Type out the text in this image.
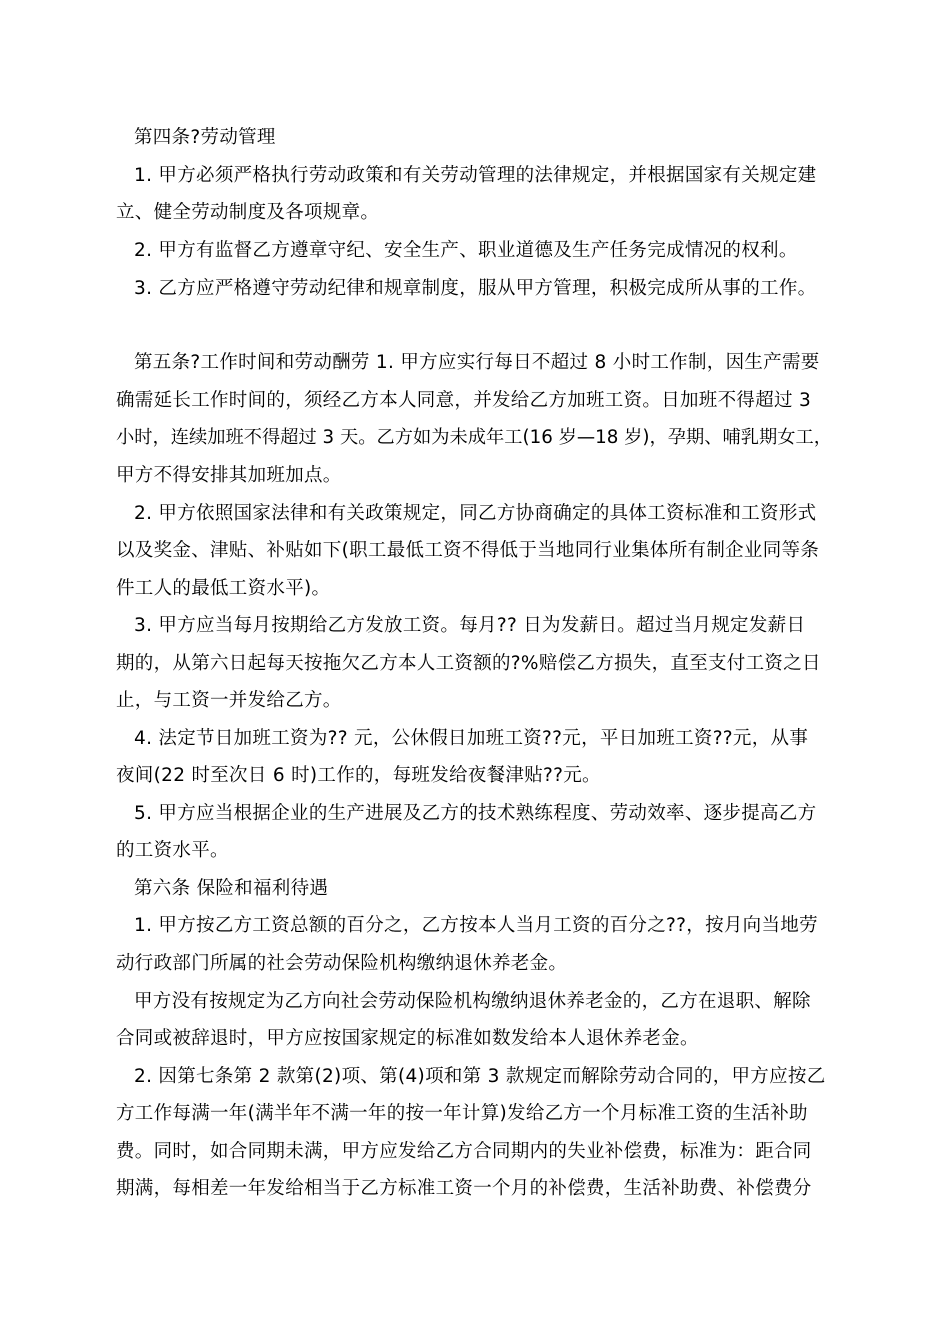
第四条?劳动管理
1. 甲方必须严格执行劳动政策和有关劳动管理的法律规定，并根据国家有关规定建
立、健全劳动制度及各项规章。
2. 甲方有监督乙方遵章守纪、安全生产、职业道德及生产任务完成情况的权利。
3. 乙方应严格遵守劳动纪律和规章制度，服从甲方管理，积极完成所从事的工作。
第五条?工作时间和劳动酬劳 1. 甲方应实行每日不超过 8 小时工作制，因生产需要
确需延长工作时间的，须经乙方本人同意，并发给乙方加班工资。日加班不得超过 3
小时，连续加班不得超过 3 天。乙方如为未成年工(16 岁—18 岁)，孕期、哺乳期女工，
甲方不得安排其加班加点。
2. 甲方依照国家法律和有关政策规定，同乙方协商确定的具体工资标准和工资形式
以及奖金、津贴、补贴如下(职工最低工资不得低于当地同行业集体所有制企业同等条
件工人的最低工资水平)。
3. 甲方应当每月按期给乙方发放工资。每月?? 日为发薪日。超过当月规定发薪日
期的，从第六日起每天按拖欠乙方本人工资额的?%赔偿乙方损失，直至支付工资之日
止，与工资一并发给乙方。
4. 法定节日加班工资为?? 元，公休假日加班工资??元，平日加班工资??元，从事
夜间(22 时至次日 6 时)工作的，每班发给夜餐津贴??元。
5. 甲方应当根据企业的生产进展及乙方的技术熟练程度、劳动效率、逐步提高乙方
的工资水平。
第六条 保险和福利待遇
1. 甲方按乙方工资总额的百分之，乙方按本人当月工资的百分之??，按月向当地劳
动行政部门所属的社会劳动保险机构缴纳退休养老金。
甲方没有按规定为乙方向社会劳动保险机构缴纳退休养老金的，乙方在退职、解除
合同或被辞退时，甲方应按国家规定的标准如数发给本人退休养老金。
2. 因第七条第 2 款第(2)项、第(4)项和第 3 款规定而解除劳动合同的，甲方应按乙
方工作每满一年(满半年不满一年的按一年计算)发给乙方一个月标准工资的生活补助
费。同时，如合同期未满，甲方应发给乙方合同期内的失业补偿费，标准为：距合同
期满，每相差一年发给相当于乙方标准工资一个月的补偿费，生活补助费、补偿费分
